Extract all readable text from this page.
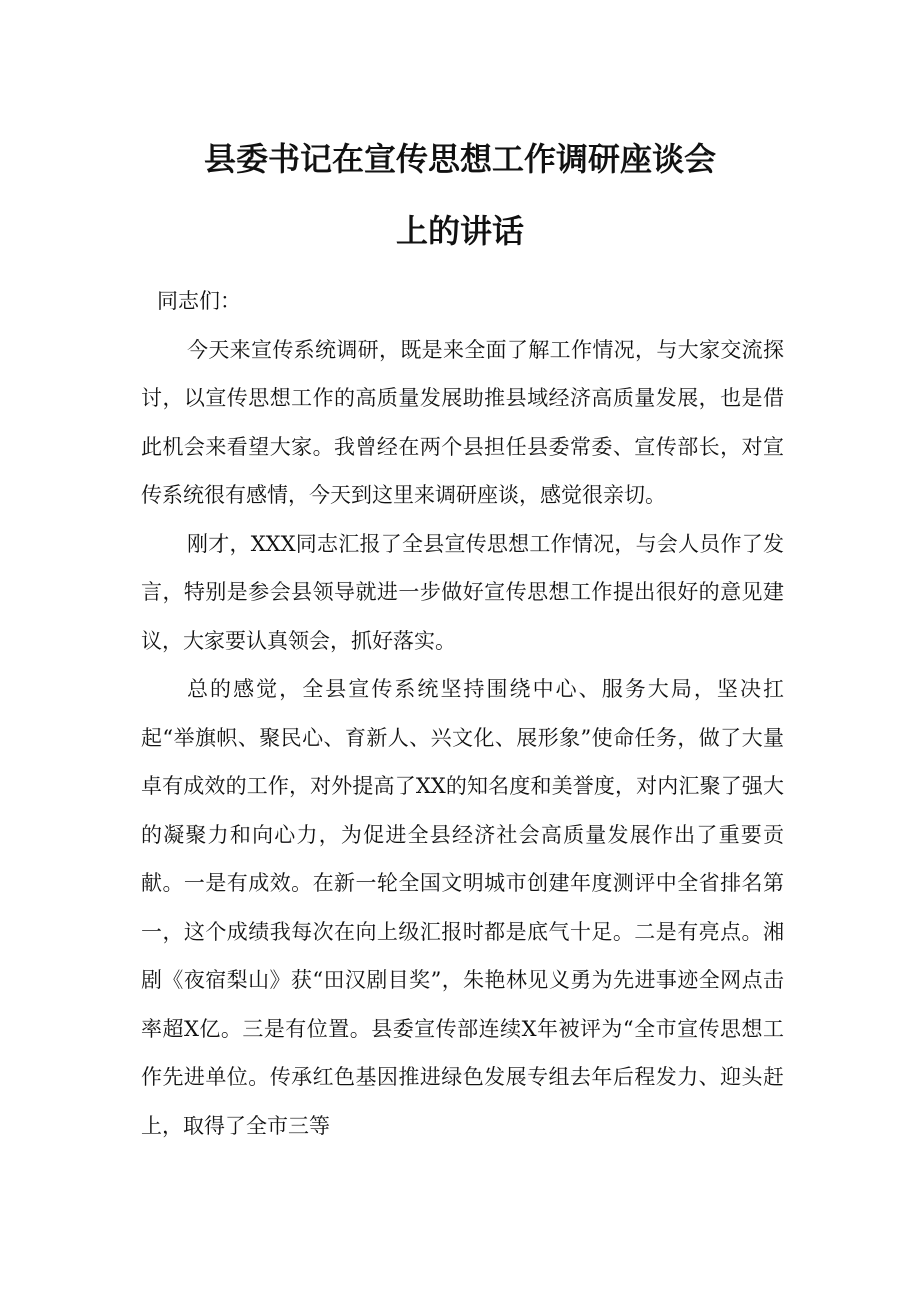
县委书记在宣传思想工作调研座谈会
上的讲话

同志们：

今天来宣传系统调研，既是来全面了解工作情况，与大家交流探讨，以宣传思想工作的高质量发展助推县域经济高质量发展，也是借此机会来看望大家。我曾经在两个县担任县委常委、宣传部长，对宣传系统很有感情，今天到这里来调研座谈，感觉很亲切。

刚才，XXX同志汇报了全县宣传思想工作情况，与会人员作了发言，特别是参会县领导就进一步做好宣传思想工作提出很好的意见建议，大家要认真领会，抓好落实。

总的感觉，全县宣传系统坚持围绕中心、服务大局，坚决扛起“举旗帜、聚民心、育新人、兴文化、展形象”使命任务，做了大量卓有成效的工作，对外提高了XX的知名度和美誉度，对内汇聚了强大的凝聚力和向心力，为促进全县经济社会高质量发展作出了重要贡献。一是有成效。在新一轮全国文明城市创建年度测评中全省排名第一，这个成绩我每次在向上级汇报时都是底气十足。二是有亮点。湘剧《夜宿梨山》获“田汉剧目奖”，朱艳林见义勇为先进事迹全网点击率超X亿。三是有位置。县委宣传部连续X年被评为“全市宣传思想工作先进单位。传承红色基因推进绿色发展专组去年后程发力、迎头赶上，取得了全市三等
